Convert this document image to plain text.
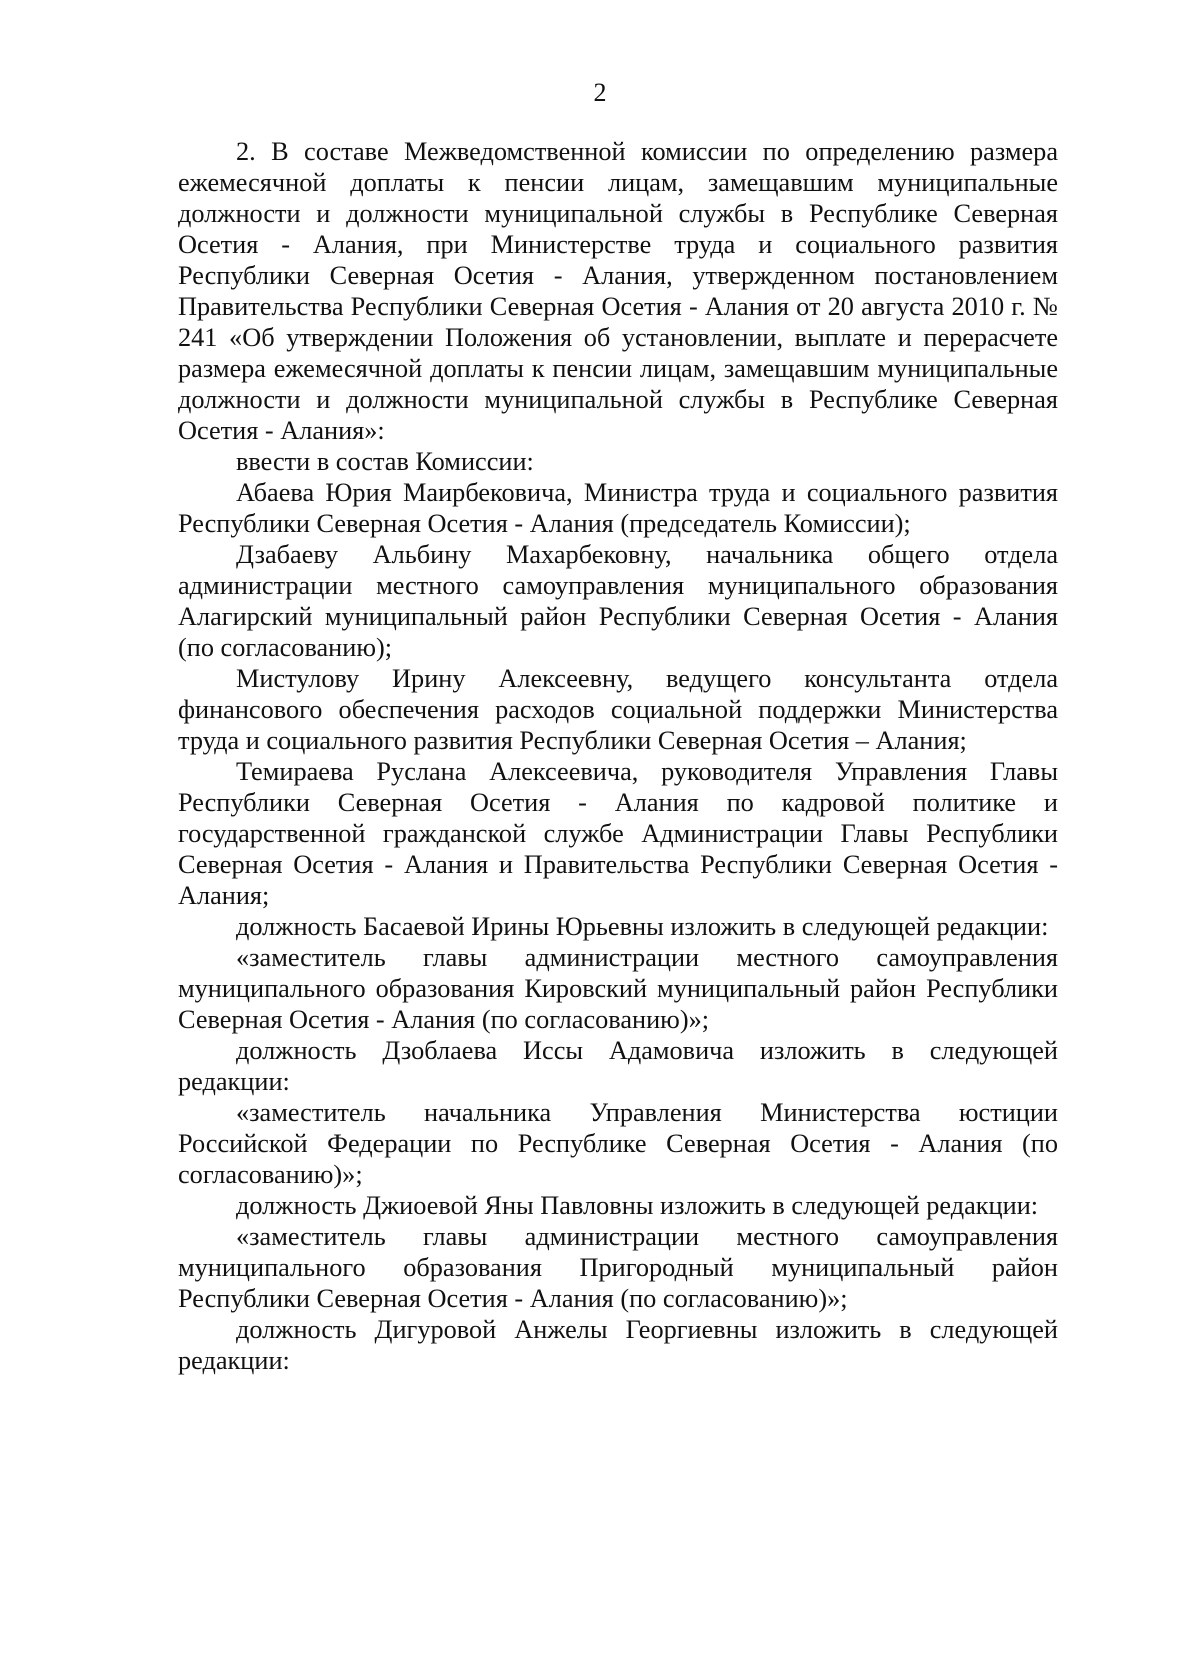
2

2. В составе Межведомственной комиссии по определению размера ежемесячной доплаты к пенсии лицам, замещавшим муниципальные должности и должности муниципальной службы в Республике Северная Осетия - Алания, при Министерстве труда и социального развития Республики Северная Осетия - Алания, утвержденном постановлением Правительства Республики Северная Осетия - Алания от 20 августа 2010 г. № 241 «Об утверждении Положения об установлении, выплате и перерасчете размера ежемесячной доплаты к пенсии лицам, замещавшим муниципальные должности и должности муниципальной службы в Республике Северная Осетия - Алания»:

ввести в состав Комиссии:

Абаева Юрия Маирбековича, Министра труда и социального развития Республики Северная Осетия - Алания (председатель Комиссии);

Дзабаеву Альбину Махарбековну, начальника общего отдела администрации местного самоуправления муниципального образования Алагирский муниципальный район Республики Северная Осетия - Алания (по согласованию);

Мистулову Ирину Алексеевну, ведущего консультанта отдела финансового обеспечения расходов социальной поддержки Министерства труда и социального развития Республики Северная Осетия – Алания;

Темираева Руслана Алексеевича, руководителя Управления Главы Республики Северная Осетия - Алания по кадровой политике и государственной гражданской службе Администрации Главы Республики Северная Осетия - Алания и Правительства Республики Северная Осетия - Алания;

должность Басаевой Ирины Юрьевны изложить в следующей редакции:

«заместитель главы администрации местного самоуправления муниципального образования Кировский муниципальный район Республики Северная Осетия - Алания (по согласованию)»;

должность Дзоблаева Иссы Адамовича изложить в следующей редакции:

«заместитель начальника Управления Министерства юстиции Российской Федерации по Республике Северная Осетия - Алания (по согласованию)»;

должность Джиоевой Яны Павловны изложить в следующей редакции:

«заместитель главы администрации местного самоуправления муниципального образования Пригородный муниципальный район Республики Северная Осетия - Алания (по согласованию)»;

должность Дигуровой Анжелы Георгиевны изложить в следующей редакции:
